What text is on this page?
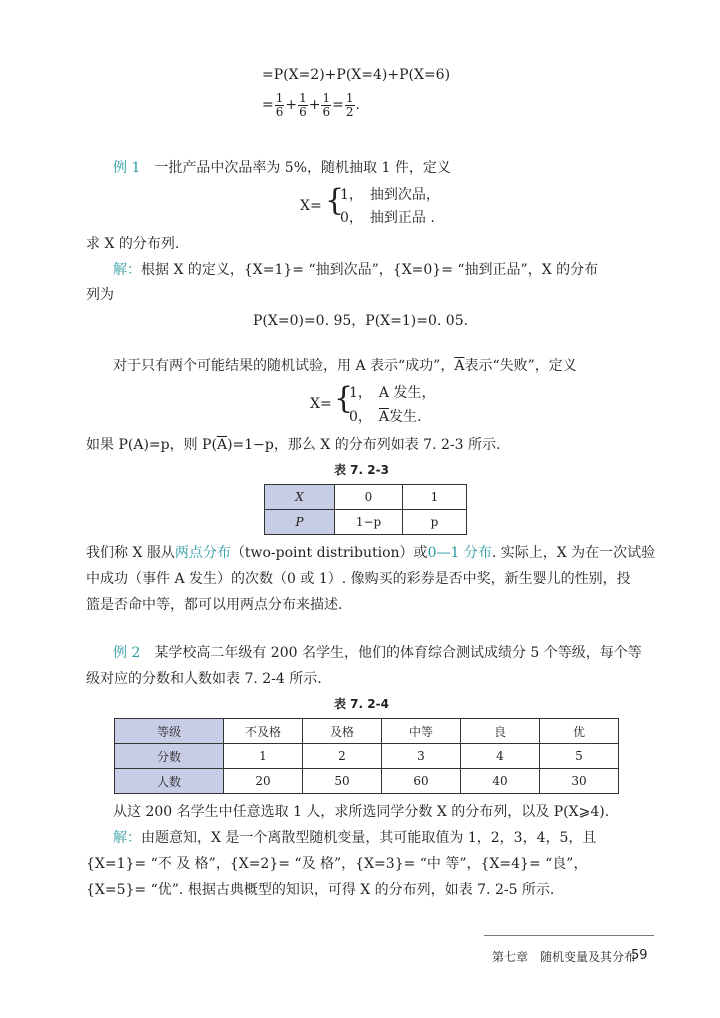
=P(X=2)+P(X=4)+P(X=6)
= $\frac{1}{6} + \frac{1}{6} + \frac{1}{6} = \frac{1}{2}$ .
例 1　 一批产品中次品率为 5%，随机抽取 1 件，定义
X= {
1，　抽到次品，
0，　抽到正品 .
求 X 的分布列.
解：根据 X 的定义，{X=1}= “抽到次品”，{X=0}= “抽到正品”，X 的分布
列为
P(X=0)=0. 95，P(X=1)=0. 05.
对于只有两个可能结果的随机试验，用 A 表示“成功”，$\overline{A}$表示“失败”，定义
X= {
1，　A 发生，
0，　$\overline{A}$发生.
如果 P(A)=p，则 $P(\overline{A})=1-p$，那么 X 的分布列如表 7. 2-3 所示.
表 7. 2-3
X	0	1
P	1−p	p
我们称 X 服从两点分布（two-point distribution）或0—1 分布. 实际上，X 为在一次试验
中成功（事件 A 发生）的次数（0 或 1）. 像购买的彩券是否中奖，新生婴儿的性别，投
篮是否命中等，都可以用两点分布来描述.
例 2　 某学校高二年级有 200 名学生，他们的体育综合测试成绩分 5 个等级，每个等
级对应的分数和人数如表 7. 2-4 所示.
表 7. 2-4
等级	不及格	及格	中等	良	优
分数	1	2	3	4	5
人数	20	50	60	40	30
从这 200 名学生中任意选取 1 人，求所选同学分数 X 的分布列，以及 P(X⩾4).
解：由题意知，X 是一个离散型随机变量，其可能取值为 1，2，3，4，5，且
{X=1}= “不 及 格”，{X=2}= “及 格”，{X=3}= “中 等”，{X=4}= “良”，
{X=5}= “优”. 根据古典概型的知识，可得 X 的分布列，如表 7. 2-5 所示.
第七章　随机变量及其分布
59
